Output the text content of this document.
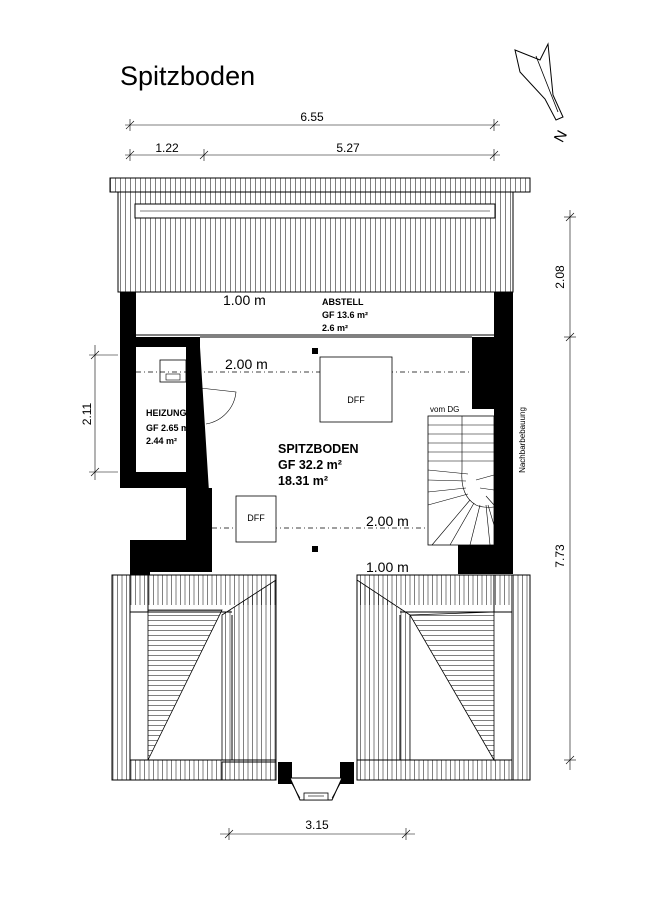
Spitzboden
N
6.55
1.22	5.27
2.08
7.73
2.11
3.15
1.00 m	ABSTELL
GF 13.6 m²
2.6 m²
HEIZUNG
GF 2.65 m²
2.44 m²
2.00 m
2.00 m
1.00 m
DFF
DFF
SPITZBODEN
GF 32.2 m²
18.31 m²
vom DG	Nachbarbebauung
